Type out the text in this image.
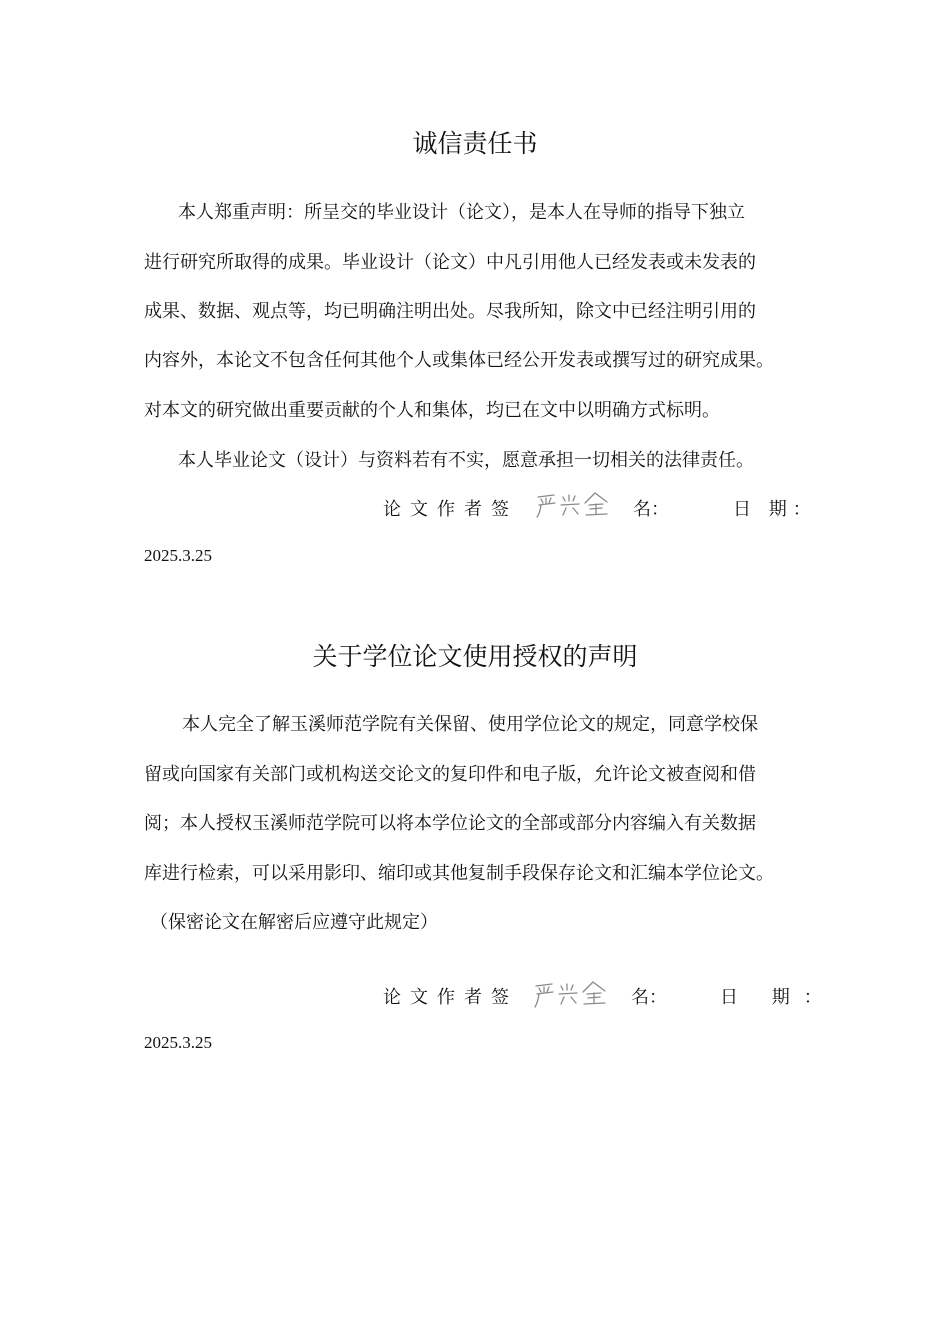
诚信责任书
本人郑重声明：所呈交的毕业设计（论文），是本人在导师的指导下独立
进行研究所取得的成果。毕业设计（论文）中凡引用他人已经发表或未发表的
成果、数据、观点等，均已明确注明出处。尽我所知，除文中已经注明引用的
内容外，本论文不包含任何其他个人或集体已经公开发表或撰写过的研究成果。
对本文的研究做出重要贡献的个人和集体，均已在文中以明确方式标明。
本人毕业论文（设计）与资料若有不实，愿意承担一切相关的法律责任。
论文作者签	名：	日 期：
2025.3.25
关于学位论文使用授权的声明
本人完全了解玉溪师范学院有关保留、使用学位论文的规定，同意学校保
留或向国家有关部门或机构送交论文的复印件和电子版，允许论文被查阅和借
阅；本人授权玉溪师范学院可以将本学位论文的全部或部分内容编入有关数据
库进行检索，可以采用影印、缩印或其他复制手段保存论文和汇编本学位论文。
（保密论文在解密后应遵守此规定）
论文作者签	名：	日 期：
2025.3.25
